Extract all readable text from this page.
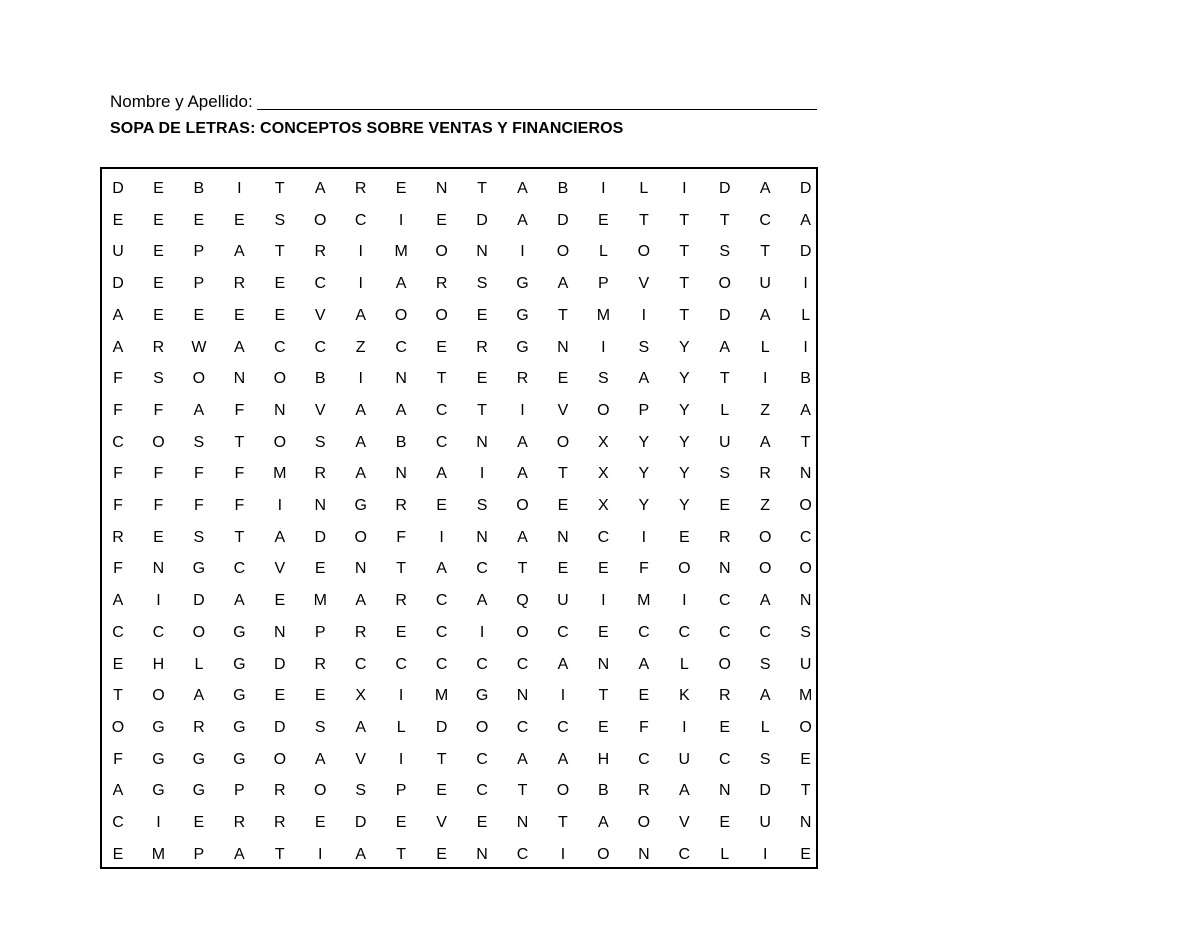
Nombre y Apellido:
SOPA DE LETRAS: CONCEPTOS SOBRE VENTAS Y FINANCIEROS
D E B	I	T	A R E N	T	A B	I	L	I	D A D
E E E E S O C	I	E D A D E	T	T	T	C A
U E P A	T	R	I	M O N	I	O	L	O	T	S	T	D
D E P R E C	I	A R S G A P V	T	O U	I
A E E E E V A O O E G	T	M	I	T	D A	L
A R W A C C	Z	C E R G N	I	S Y A	L	I
F	S O N O B	I	N	T	E R E S A Y	T	I	B
F	F	A	F	N V A A C	T	I	V O P Y	L	Z	A
C O S	T	O S A B C N A O X Y Y U A	T
F	F	F	F	M R A N A	I	A	T	X Y Y S R N
F	F	F	F	I	N G R E S O E X Y Y E	Z	O
R E S	T	A D O	F	I	N A N C	I	E R O C
F	N G C V E N	T	A C	T	E E	F	O N O O
A	I	D A E M A R C A Q U	I	M	I	C A N
C C O G N P R E C	I	O C E C C C C S
E H	L	G D R C C C C C A N A	L	O S U
T	O A G E E X	I	M G N	I	T	E K R A M
O G R G D S A	L	D O C C E	F	I	E	L	O
F	G G G O A V	I	T	C A A H C U C S E
A G G P R O S P E C	T	O B R A N D	T
C	I	E R R E D E V E N	T	A O V E U N
E M P A	T	I	A	T	E N C	I	O N C	L	I	E
